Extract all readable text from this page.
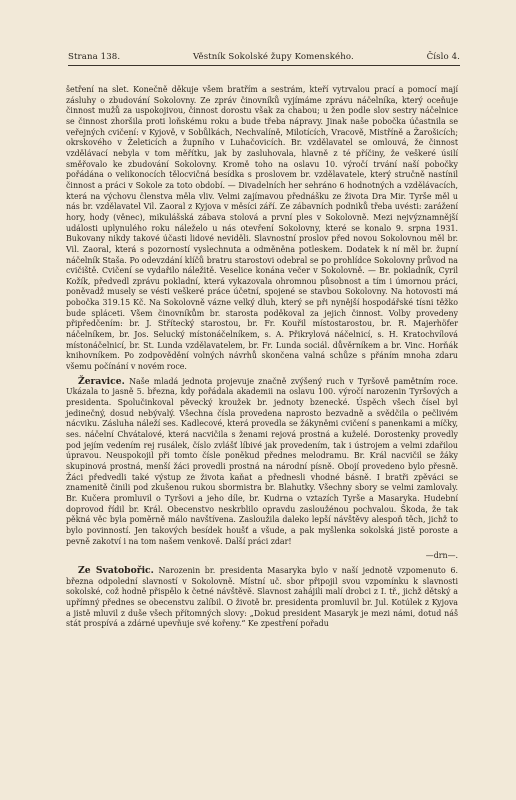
Strana 138.	Věstník Sokolské župy Komenského.	Číslo 4.

šetření na slet. Konečně děkuje všem bratřím a sestrám, kteří vytrvalou prací a pomocí mají zásluhy o zbudování Sokolovny. Ze zpráv činovníků vyjímáme zprávu náčelníka, který oceňuje činnost mužů za uspokojivou, činnost dorostu však za chabou; u žen podle slov sestry náčelnice se činnost zhoršila proti loňskému roku a bude třeba nápravy. Jinak naše pobočka účastnila se veřejných cvičení: v Kyjově, v Sobůlkách, Nechvalíně, Milotících, Vracově, Mistříně a Žarošicích; okrskového v Želeticích a župního v Luhačovicích. Br. vzdělavatel se omlouvá, že činnost vzdělávací nebyla v tom měřítku, jak by zasluhovala, hlavně z té příčiny, že veškeré úsilí směřovalo ke zbudování Sokolovny. Kromě toho na oslavu 10. výročí trvání naší pobočky pořádána o velikonocích tělocvičná besídka s proslovem br. vzdělavatele, který stručně nastínil činnost a práci v Sokole za toto období. — Divadelních her sehráno 6 hodnotných a vzdělávacích, která na výchovu členstva měla vliv. Velmi zajímavou přednášku ze života Dra Mir. Tyrše měl u nás br. vzdělavatel Vil. Zaoral z Kyjova v měsíci září. Ze zábavních podniků třeba uvésti: zarážení hory, hody (věnec), mikulášská zábava stolová a první ples v Sokolovně. Mezi nejvýznamnější události uplynulého roku náleželo u nás otevření Sokolovny, které se konalo 9. srpna 1931. Bukovany nikdy takové účasti lidové neviděli. Slavnostní proslov před novou Sokolovnou měl br. Vil. Zaoral, která s pozorností vyslechnuta a odměněna potleskem. Dodatek k ní měl br. župní náčelník Staša. Po odevzdání klíčů bratru starostovi odebral se po prohlídce Sokolovny průvod na cvičiště. Cvičení se vydařilo náležitě. Veselice konána večer v Sokolovně. — Br. pokladník, Cyril Kožík, předvedl zprávu pokladní, která vykazovala ohromnou působnost a tím i úmornou práci, poněvadž musely se vésti veškeré práce účetní, spojené se stavbou Sokolovny. Na hotovosti má pobočka 319.15 Kč. Na Sokolovně vázne velký dluh, který se při nynější hospodářské tísni těžko bude spláceti. Všem činovníkům br. starosta poděkoval za jejich činnost. Volby provedeny připředčením: br. J. Střítecký starostou, br. Fr. Kouřil místostarostou, br. R. Majerhöfer náčelníkem, br. Jos. Selucký místonáčelníkem, s. A. Přikrylová náčelnicí, s. H. Kratochvílová místonáčelnicí, br. St. Lunda vzdělavatelem, br. Fr. Lunda sociál. důvěrníkem a br. Vinc. Horňák knihovníkem. Po zodpovědění volných návrhů skončena valná schůze s přáním mnoha zdaru všemu počínání v novém roce.

Žeravice. Naše mladá jednota projevuje značně zvýšený ruch v Tyršově pamětním roce. Ukázala to jasně 5. března, kdy pořádala akademii na oslavu 100. výročí narozenin Tyršových a presidenta. Spolučinkoval pěvecký kroužek br. jednoty bzenecké. Úspěch všech čísel byl jedinečný, dosud nebývalý. Všechna čísla provedena naprosto bezvadně a svědčila o pečlivém nácviku. Zásluha náleží ses. Kadlecové, která provedla se žákyněmi cvičení s panenkami a míčky, ses. náčelní Chvátalové, která nacvičila s ženami rejová prostná a kuželé. Dorostenky provedly pod jejím vedením rej rusálek, číslo zvlášť líbivé jak provedením, tak i ústrojem a velmi zdařilou úpravou. Neuspokojil při tomto čísle poněkud přednes melodramu. Br. Král nacvičil se žáky skupinová prostná, menší žáci provedli prostná na národní písně. Obojí provedeno bylo přesně. Žáci předvedli také výstup ze života kaňat a přednesli vhodné básně. I bratři zpěváci se znamenitě činili pod zkušenou rukou sbormistra br. Blahutky. Všechny sbory se velmi zamlovaly. Br. Kučera promluvil o Tyršovi a jeho díle, br. Kudrna o vztazích Tyrše a Masaryka. Hudební doprovod řídil br. Král. Obecenstvo neskrblilo opravdu zasloužénou pochvalou. Škoda, že tak pěkná věc byla poměrně málo navštívena. Zasloužila daleko lepší návštěvy alespoň těch, jichž to bylo povinností. Jen takových besídek houšť a všude, a pak myšlenka sokolská jistě poroste a pevně zakotví i na tom našem venkově. Další práci zdar!

—drn—.

Ze Svatobořic. Narozenin br. presidenta Masaryka bylo v naší jednotě vzpomenuto 6. března odpolední slavností v Sokolovně. Místní uč. sbor připojil svou vzpomínku k slavnosti sokolské, což hodně přispělo k četné návštěvě. Slavnost zahájili malí drobci z I. tř., jichž dětský a upřímný přednes se obecenstvu zalíbil. O životě br. presidenta promluvil br. Jul. Kotúlek z Kyjova a jistě mluvil z duše všech přítomných slovy: „Dokud president Masaryk je mezi námi, dotud náš stát prospívá a zdárné upevňuje své kořeny.“ Ke zpestření pořadu
